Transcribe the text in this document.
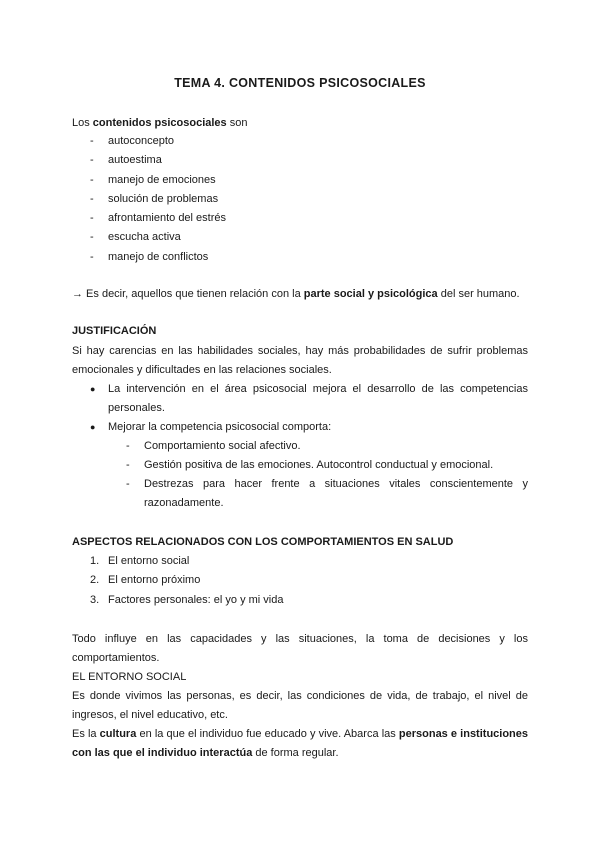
TEMA 4. CONTENIDOS PSICOSOCIALES
Los contenidos psicosociales son
- autoconcepto
- autoestima
- manejo de emociones
- solución de problemas
- afrontamiento del estrés
- escucha activa
- manejo de conflictos
→ Es decir, aquellos que tienen relación con la parte social y psicológica del ser humano.
JUSTIFICACIÓN
Si hay carencias en las habilidades sociales, hay más probabilidades de sufrir problemas emocionales y dificultades en las relaciones sociales.
● La intervención en el área psicosocial mejora el desarrollo de las competencias personales.
● Mejorar la competencia psicosocial comporta:
- Comportamiento social afectivo.
- Gestión positiva de las emociones. Autocontrol conductual y emocional.
- Destrezas para hacer frente a situaciones vitales conscientemente y razonadamente.
ASPECTOS RELACIONADOS CON LOS COMPORTAMIENTOS EN SALUD
1. El entorno social
2. El entorno próximo
3. Factores personales: el yo y mi vida
Todo influye en las capacidades y las situaciones, la toma de decisiones y los comportamientos.
EL ENTORNO SOCIAL
Es donde vivimos las personas, es decir, las condiciones de vida, de trabajo, el nivel de ingresos, el nivel educativo, etc.
Es la cultura en la que el individuo fue educado y vive. Abarca las personas e instituciones con las que el individuo interactúa de forma regular.
